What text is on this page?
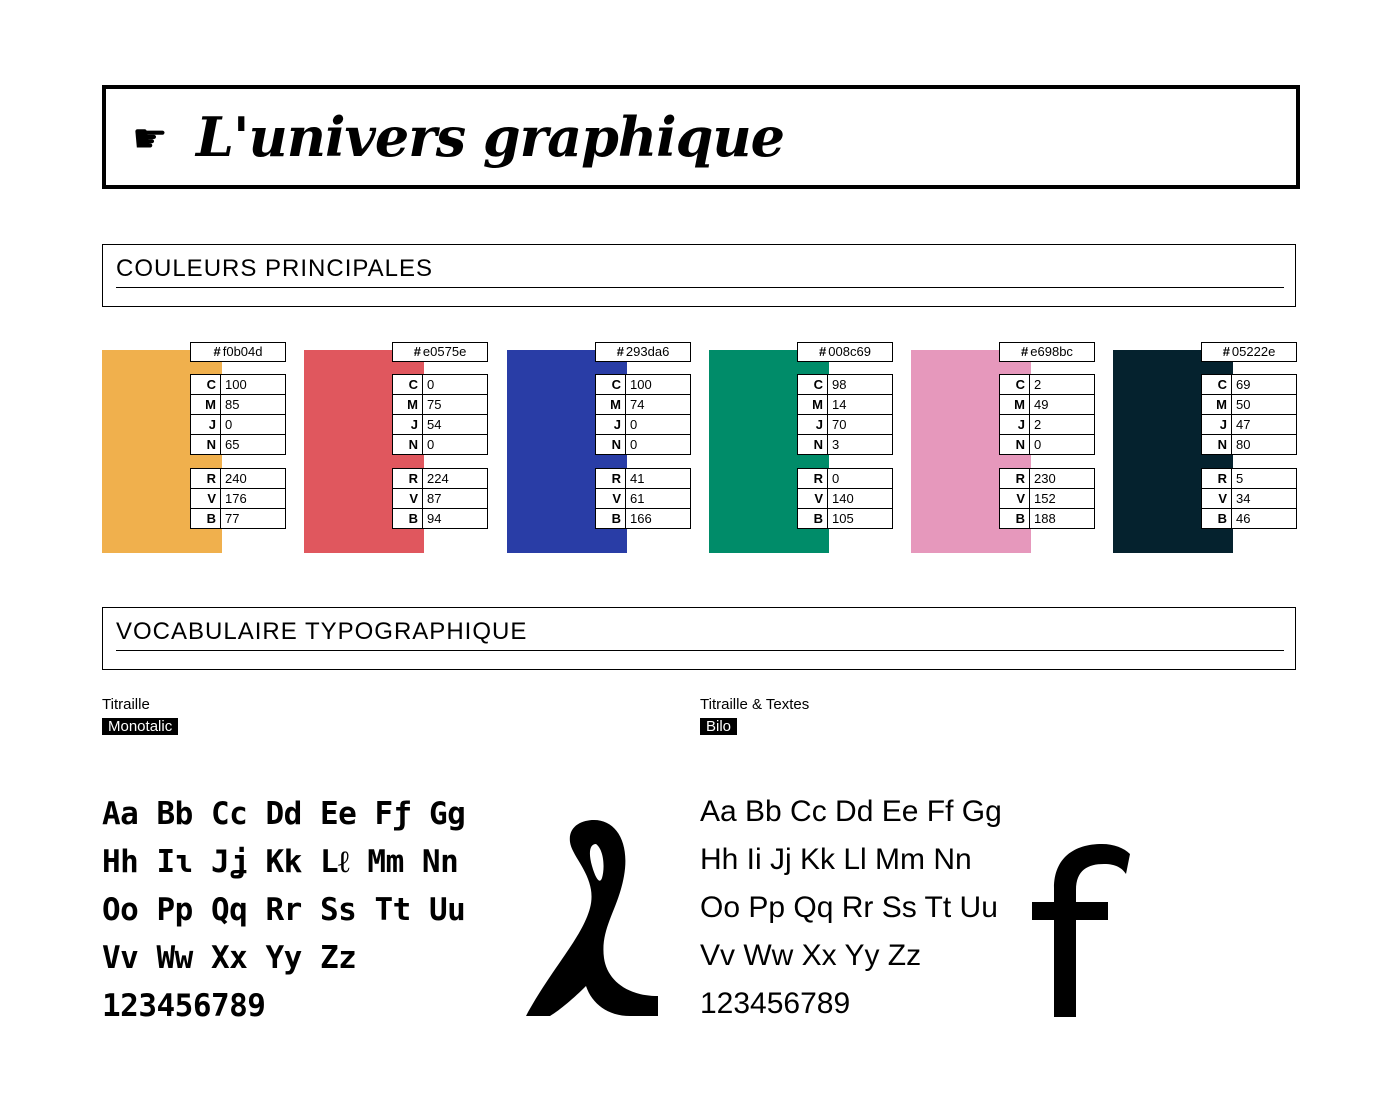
☛ L'univers graphique
COULEURS PRINCIPALES
# f0b04d
C	100
M	85
J	0
N	65
R	240
V	176
B	77
# e0575e
C	0
M	75
J	54
N	0
R	224
V	87
B	94
# 293da6
C	100
M	74
J	0
N	0
R	41
V	61
B	166
# 008c69
C	98
M	14
J	70
N	3
R	0
V	140
B	105
# e698bc
C	2
M	49
J	2
N	0
R	230
V	152
B	188
# 05222e
C	69
M	50
J	47
N	80
R	5
V	34
B	46
VOCABULAIRE TYPOGRAPHIQUE
Titraille
Monotalic
Aa Bb Cc Dd Ee Fƒ Gg
Hh Iɩ Jʝ Kk Lℓ Mm Nn
Oo Pp Qq Rr Ss Tt Uu
Vv Ww Xx Yy Zz
123456789
Titraille & Textes
Bilo
Aa Bb Cc Dd Ee Ff Gg
Hh Ii Jj Kk Ll Mm Nn
Oo Pp Qq Rr Ss Tt Uu
Vv Ww Xx Yy Zz
123456789
